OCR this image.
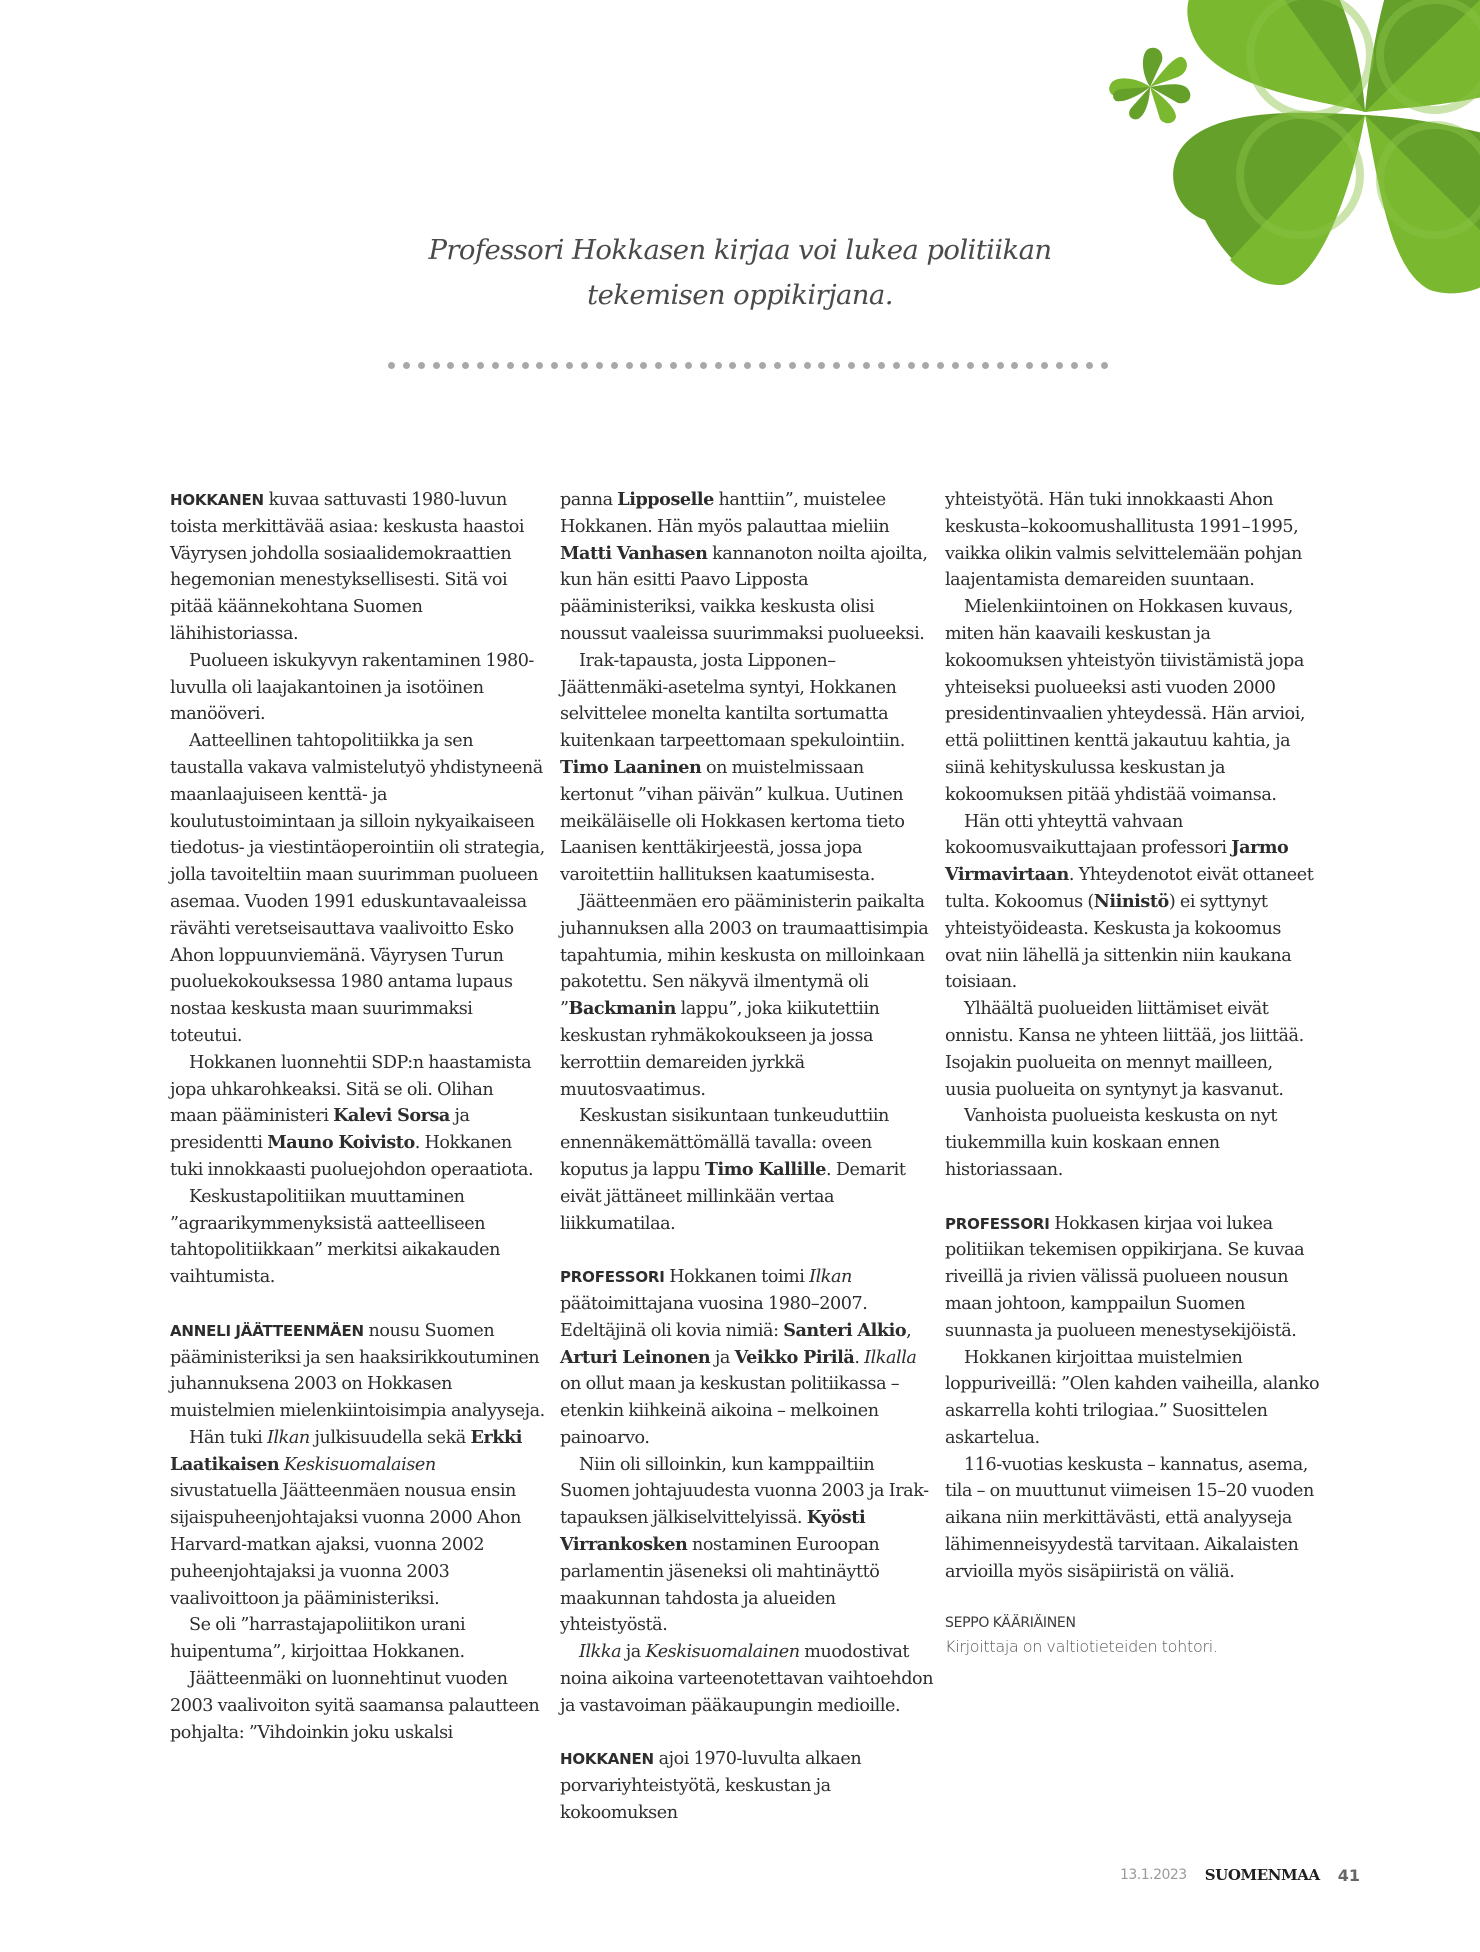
Professori Hokkasen kirjaa voi lukea politiikan
tekemisen oppikirjana.

HOKKANEN kuvaa sattuvasti 1980-luvun toista merkittävää asiaa: keskusta haastoi Väyrysen johdolla sosiaalidemokraattien hegemonian menestyksellisesti. Sitä voi pitää käännekohtana Suomen lähihistoriassa.

Puolueen iskukyvyn rakentaminen 1980-luvulla oli laajakantoinen ja isotöinen manööveri.

Aatteellinen tahtopolitiikka ja sen taustalla vakava valmistelutyö yhdistyneenä maanlaajuiseen kenttä- ja koulutustoimintaan ja silloin nykyaikaiseen tiedotus- ja viestintäoperointiin oli strategia, jolla tavoiteltiin maan suurimman puolueen asemaa. Vuoden 1991 eduskuntavaaleissa rävähti veretseisauttava vaalivoitto Esko Ahon loppuunviemänä. Väyrysen Turun puoluekokouksessa 1980 antama lupaus nostaa keskusta maan suurimmaksi toteutui.

Hokkanen luonnehtii SDP:n haastamista jopa uhkarohkeaksi. Sitä se oli. Olihan maan pääministeri Kalevi Sorsa ja presidentti Mauno Koivisto. Hokkanen tuki innokkaasti puoluejohdon operaatiota.

Keskustapolitiikan muuttaminen ”agraarikymmenyksistä aatteelliseen tahtopolitiikkaan” merkitsi aikakauden vaihtumista.

ANNELI JÄÄTTEENMÄEN nousu Suomen pääministeriksi ja sen haaksirikkoutuminen juhannuksena 2003 on Hokkasen muistelmien mielenkiintoisimpia analyyseja.

Hän tuki Ilkan julkisuudella sekä Erkki Laatikaisen Keskisuomalaisen sivustatuella Jäätteenmäen nousua ensin sijaispuheenjohtajaksi vuonna 2000 Ahon Harvard-matkan ajaksi, vuonna 2002 puheenjohtajaksi ja vuonna 2003 vaalivoittoon ja pääministeriksi.

Se oli ”harrastajapoliitikon urani huipentuma”, kirjoittaa Hokkanen.

Jäätteenmäki on luonnehtinut vuoden 2003 vaalivoiton syitä saamansa palautteen pohjalta: ”Vihdoinkin joku uskalsi

panna Lipposelle hanttiin”, muistelee Hokkanen. Hän myös palauttaa mieliin Matti Vanhasen kannanoton noilta ajoilta, kun hän esitti Paavo Lipposta pääministeriksi, vaikka keskusta olisi noussut vaaleissa suurimmaksi puolueeksi.

Irak-tapausta, josta Lipponen–Jäättenmäki-asetelma syntyi, Hokkanen selvittelee monelta kantilta sortumatta kuitenkaan tarpeettomaan spekulointiin. Timo Laaninen on muistelmissaan kertonut ”vihan päivän” kulkua. Uutinen meikäläiselle oli Hokkasen kertoma tieto Laanisen kenttäkirjeestä, jossa jopa varoitettiin hallituksen kaatumisesta.

Jäätteenmäen ero pääministerin paikalta juhannuksen alla 2003 on traumaattisimpia tapahtumia, mihin keskusta on milloinkaan pakotettu. Sen näkyvä ilmentymä oli ”Backmanin lappu”, joka kiikutettiin keskustan ryhmäkokoukseen ja jossa kerrottiin demareiden jyrkkä muutosvaatimus.

Keskustan sisikuntaan tunkeuduttiin ennennäkemättömällä tavalla: oveen koputus ja lappu Timo Kallille. Demarit eivät jättäneet millinkään vertaa liikkumatilaa.

PROFESSORI Hokkanen toimi Ilkan päätoimittajana vuosina 1980–2007. Edeltäjinä oli kovia nimiä: Santeri Alkio, Arturi Leinonen ja Veikko Pirilä. Ilkalla on ollut maan ja keskustan politiikassa – etenkin kiihkeinä aikoina – melkoinen painoarvo.

Niin oli silloinkin, kun kamppailtiin Suomen johtajuudesta vuonna 2003 ja Irak-tapauksen jälkiselvittelyissä. Kyösti Virrankosken nostaminen Euroopan parlamentin jäseneksi oli mahtinäyttö maakunnan tahdosta ja alueiden yhteistyöstä.

Ilkka ja Keskisuomalainen muodostivat noina aikoina varteenotettavan vaihtoehdon ja vastavoiman pääkaupungin medioille.

HOKKANEN ajoi 1970-luvulta alkaen porvariyhteistyötä, keskustan ja kokoomuksen

yhteistyötä. Hän tuki innokkaasti Ahon keskusta–kokoomushallitusta 1991–1995, vaikka olikin valmis selvittelemään pohjan laajentamista demareiden suuntaan.

Mielenkiintoinen on Hokkasen kuvaus, miten hän kaavaili keskustan ja kokoomuksen yhteistyön tiivistämistä jopa yhteiseksi puolueeksi asti vuoden 2000 presidentinvaalien yhteydessä. Hän arvioi, että poliittinen kenttä jakautuu kahtia, ja siinä kehityskulussa keskustan ja kokoomuksen pitää yhdistää voimansa.

Hän otti yhteyttä vahvaan kokoomusvaikuttajaan professori Jarmo Virmavirtaan. Yhteydenotot eivät ottaneet tulta. Kokoomus (Niinistö) ei syttynyt yhteistyöideasta. Keskusta ja kokoomus ovat niin lähellä ja sittenkin niin kaukana toisiaan.

Ylhäältä puolueiden liittämiset eivät onnistu. Kansa ne yhteen liittää, jos liittää. Isojakin puolueita on mennyt mailleen, uusia puolueita on syntynyt ja kasvanut.

Vanhoista puolueista keskusta on nyt tiukemmilla kuin koskaan ennen historiassaan.

PROFESSORI Hokkasen kirjaa voi lukea politiikan tekemisen oppikirjana. Se kuvaa riveillä ja rivien välissä puolueen nousun maan johtoon, kamppailun Suomen suunnasta ja puolueen menestysekijöistä.

Hokkanen kirjoittaa muistelmien loppuriveillä: ”Olen kahden vaiheilla, alanko askarrella kohti trilogiaa.” Suosittelen askartelua.

116-vuotias keskusta – kannatus, asema, tila – on muuttunut viimeisen 15–20 vuoden aikana niin merkittävästi, että analyyseja lähimenneisyydestä tarvitaan. Aikalaisten arvioilla myös sisäpiiristä on väliä.

SEPPO KÄÄRIÄINEN
Kirjoittaja on valtiotieteiden tohtori.
13.1.2023 SUOMENMAA 41
